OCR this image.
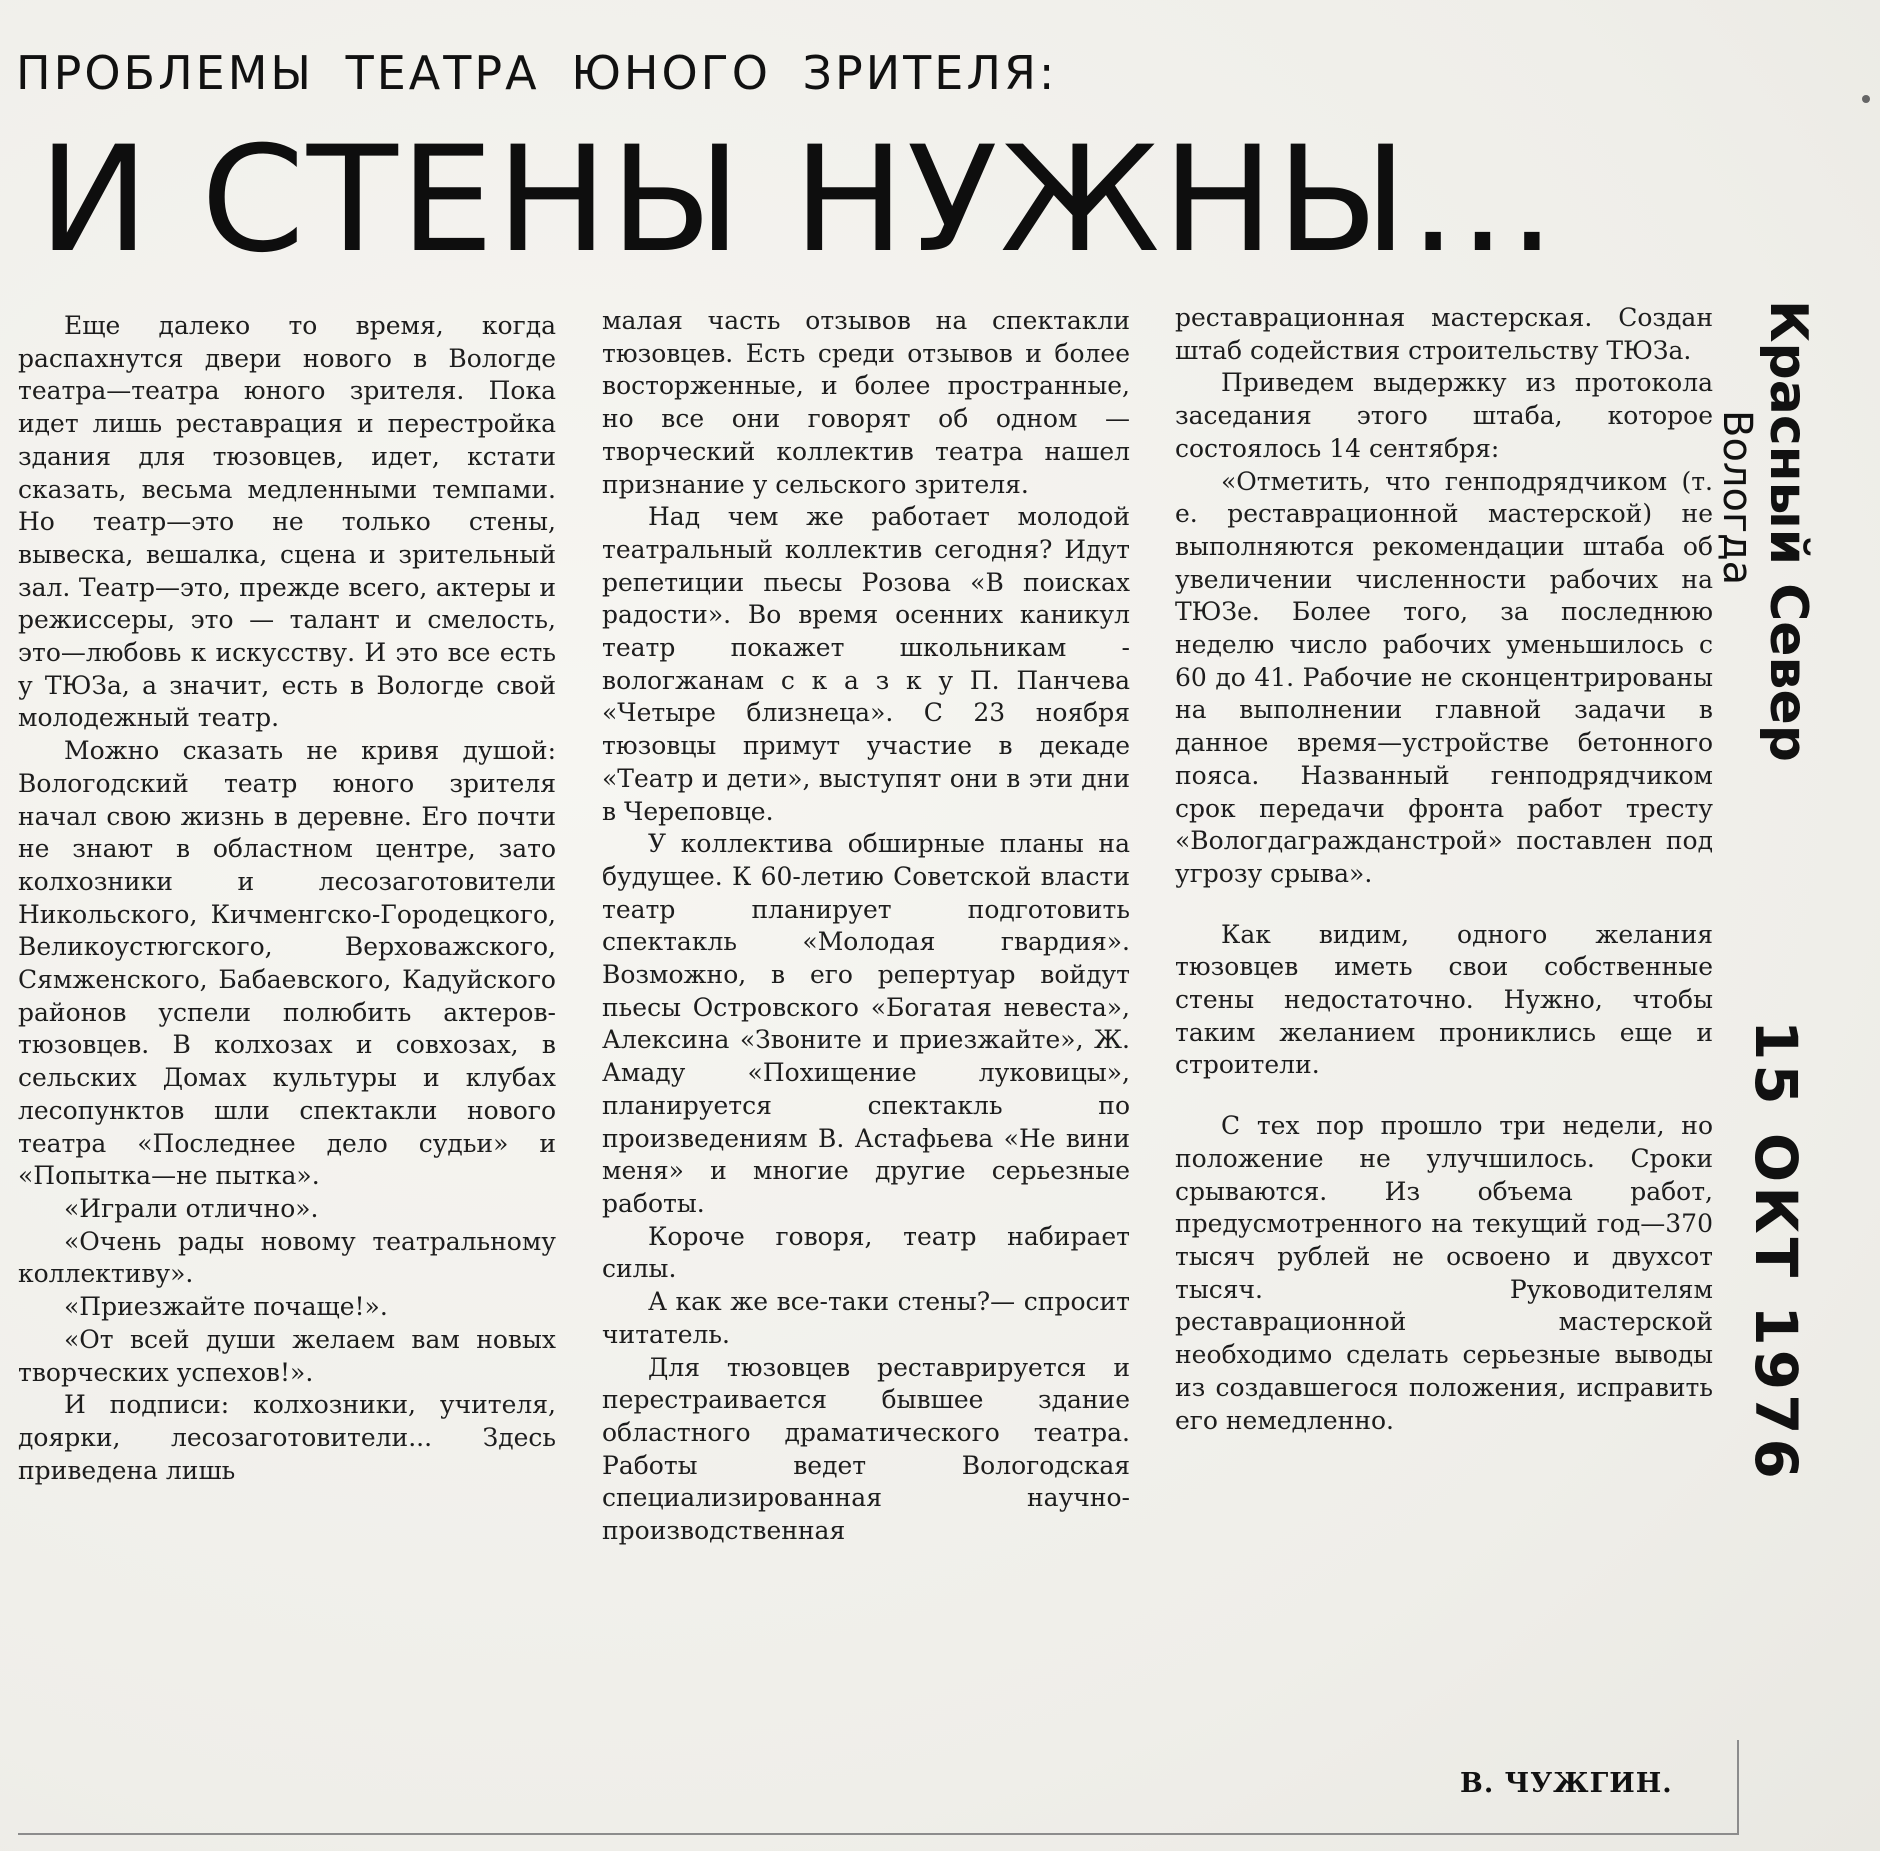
ПРОБЛЕМЫ ТЕАТРА ЮНОГО ЗРИТЕЛЯ:
И СТЕНЫ НУЖНЫ...

Еще далеко то время, когда распахнутся двери нового в Вологде театра—театра юного зрителя. Пока идет лишь реставрация и перестройка здания для тюзовцев, идет, кстати сказать, весьма медленными темпами. Но театр—это не только стены, вывеска, вешалка, сцена и зрительный зал. Театр—это, прежде всего, актеры и режиссеры, это — талант и смелость, это—любовь к искусству. И это все есть у ТЮЗа, а значит, есть в Вологде свой молодежный театр.

Можно сказать не кривя душой: Вологодский театр юного зрителя начал свою жизнь в деревне. Его почти не знают в областном центре, зато колхозники и лесозаготовители Никольского, Кичменгско-Городецкого, Великоустюгского, Верховажского, Сямженского, Бабаевского, Кадуйского районов успели полюбить актеров-тюзовцев. В колхозах и совхозах, в сельских Домах культуры и клубах лесопунктов шли спектакли нового театра «Последнее дело судьи» и «Попытка—не пытка».

«Играли отлично».

«Очень рады новому театральному коллективу».

«Приезжайте почаще!».

«От всей души желаем вам новых творческих успехов!».

И подписи: колхозники, учителя, доярки, лесозаготовители... Здесь приведена лишь

малая часть отзывов на спектакли тюзовцев. Есть среди отзывов и более восторженные, и более пространные, но все они говорят об одном — творческий коллектив театра нашел признание у сельского зрителя.

Над чем же работает молодой театральный коллектив сегодня? Идут репетиции пьесы Розова «В поисках радости». Во время осенних каникул театр покажет школьникам - вологжанам с к а з к у П. Панчева «Четыре близнеца». С 23 ноября тюзовцы примут участие в декаде «Театр и дети», выступят они в эти дни в Череповце.

У коллектива обширные планы на будущее. К 60-летию Советской власти театр планирует подготовить спектакль «Молодая гвардия». Возможно, в его репертуар войдут пьесы Островского «Богатая невеста», Алексина «Звоните и приезжайте», Ж. Амаду «Похищение луковицы», планируется спектакль по произведениям В. Астафьева «Не вини меня» и многие другие серьезные работы.

Короче говоря, театр набирает силы.

А как же все-таки стены?— спросит читатель.

Для тюзовцев реставрируется и перестраивается бывшее здание областного драматического театра. Работы ведет Вологодская специализированная научно-производственная

реставрационная мастерская. Создан штаб содействия строительству ТЮЗа.

Приведем выдержку из протокола заседания этого штаба, которое состоялось 14 сентября:

«Отметить, что генподрядчиком (т. е. реставрационной мастерской) не выполняются рекомендации штаба об увеличении численности рабочих на ТЮЗе. Более того, за последнюю неделю число рабочих уменьшилось с 60 до 41. Рабочие не сконцентрированы на выполнении главной задачи в данное время—устройстве бетонного пояса. Названный генподрядчиком срок передачи фронта работ тресту «Вологдагражданстрой» поставлен под угрозу срыва».

Как видим, одного желания тюзовцев иметь свои собственные стены недостаточно. Нужно, чтобы таким желанием прониклись еще и строители.

С тех пор прошло три недели, но положение не улучшилось. Сроки срываются. Из объема работ, предусмотренного на текущий год—370 тысяч рублей не освоено и двухсот тысяч. Руководителям реставрационной мастерской необходимо сделать серьезные выводы из создавшегося положения, исправить его немедленно.

В. ЧУЖГИН.
Красный Север
Вологда
15 ОКТ 1976
